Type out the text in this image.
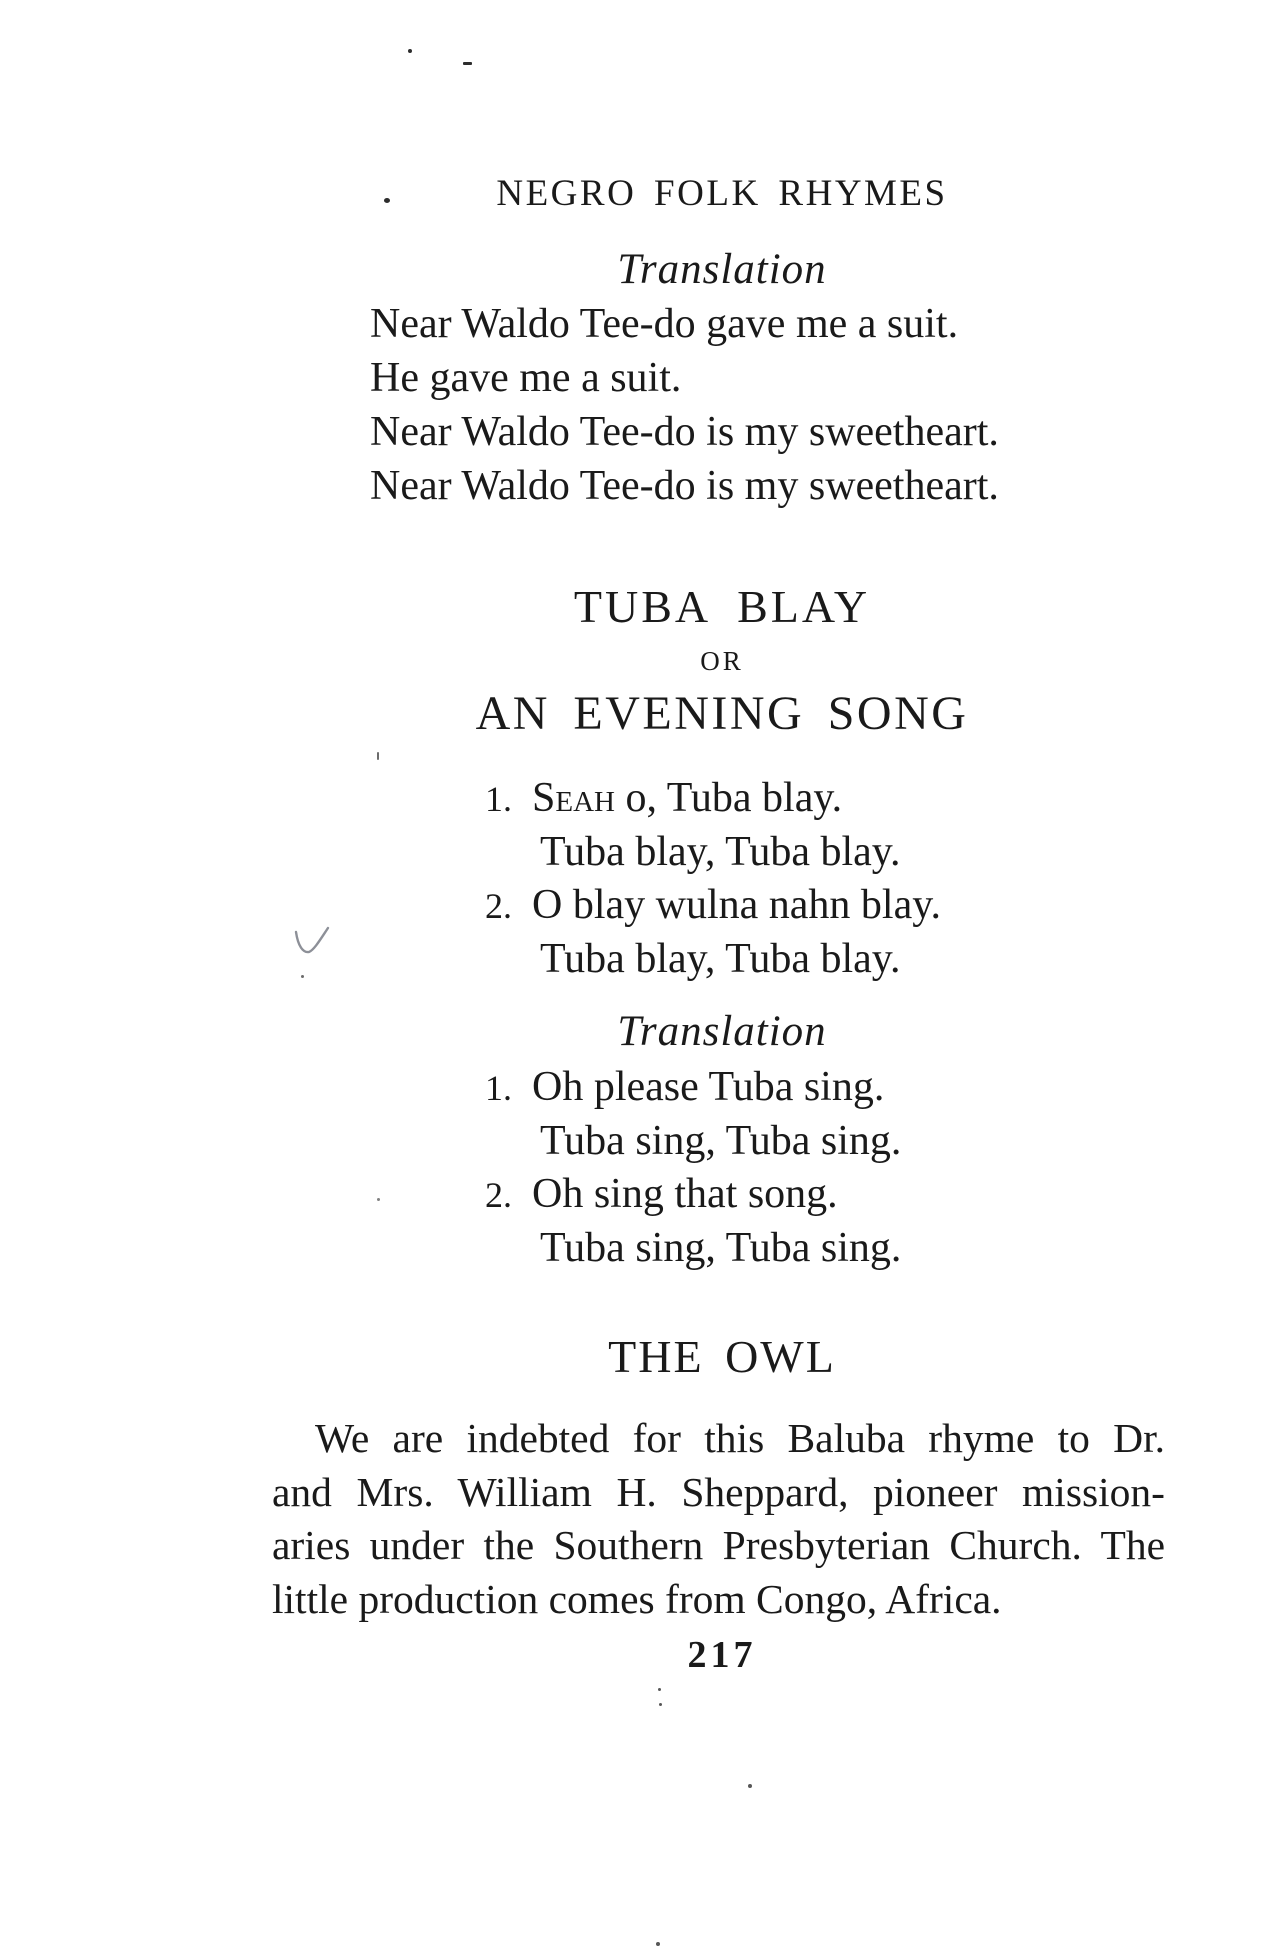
NEGRO FOLK RHYMES
Translation
Near Waldo Tee-do gave me a suit.
He gave me a suit.
Near Waldo Tee-do is my sweetheart.
Near Waldo Tee-do is my sweetheart.
TUBA BLAY
OR
AN EVENING SONG
1. Seah o, Tuba blay.
Tuba blay, Tuba blay.
2. O blay wulna nahn blay.
Tuba blay, Tuba blay.
Translation
1. Oh please Tuba sing.
Tuba sing, Tuba sing.
2. Oh sing that song.
Tuba sing, Tuba sing.
THE OWL
We are indebted for this Baluba rhyme to Dr.
and Mrs. William H. Sheppard, pioneer mission-
aries under the Southern Presbyterian Church. The
little production comes from Congo, Africa.
217
